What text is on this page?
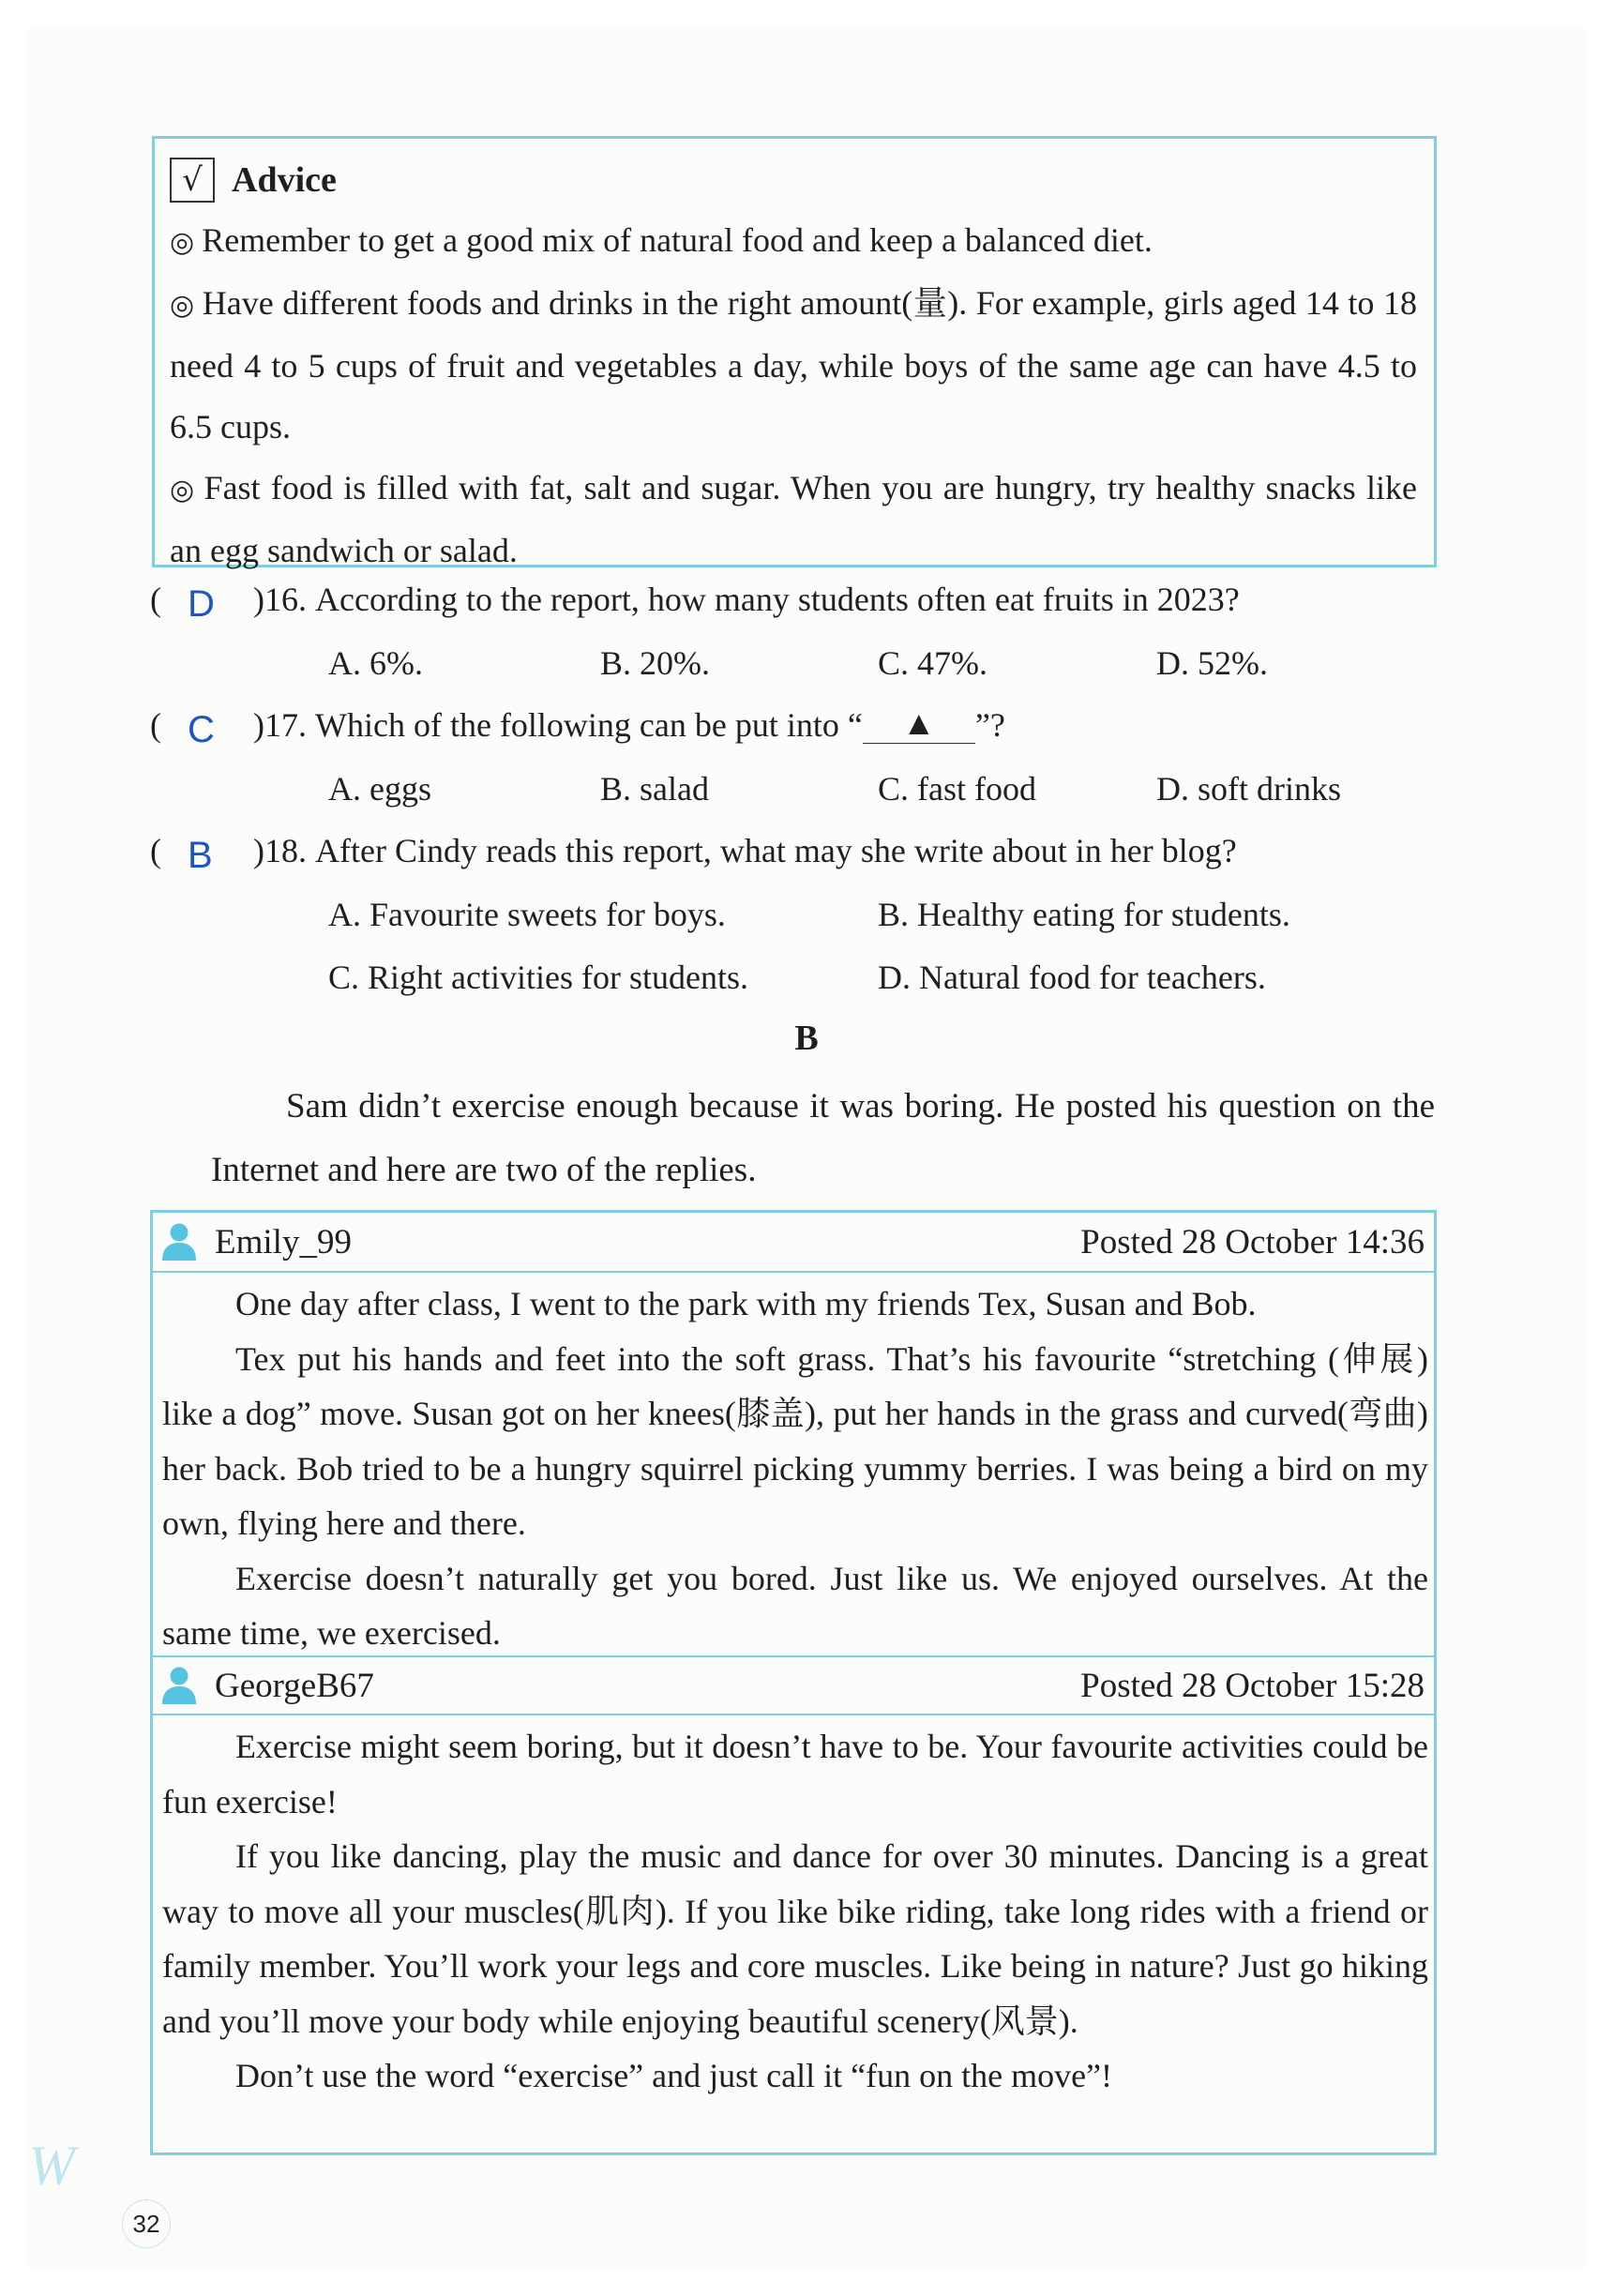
√ Advice

◎ Remember to get a good mix of natural food and keep a balanced diet.

◎ Have different foods and drinks in the right amount(量). For example, girls aged 14 to 18 need 4 to 5 cups of fruit and vegetables a day, while boys of the same age can have 4.5 to 6.5 cups.

◎ Fast food is filled with fat, salt and sugar. When you are hungry, try healthy snacks like an egg sandwich or salad.

( D )16. According to the report, how many students often eat fruits in 2023?
A. 6%.	B. 20%.	C. 47%.	D. 52%.
( C )17. Which of the following can be put into “ ▲ ”?
A. eggs	B. salad	C. fast food	D. soft drinks
( B )18. After Cindy reads this report, what may she write about in her blog?
A. Favourite sweets for boys.	B. Healthy eating for students.
C. Right activities for students.	D. Natural food for teachers.
B
Sam didn’t exercise enough because it was boring. He posted his question on the Internet and here are two of the replies.
Emily_99	Posted 28 October 14:36

One day after class, I went to the park with my friends Tex, Susan and Bob.

Tex put his hands and feet into the soft grass. That’s his favourite “stretching (伸展) like a dog” move. Susan got on her knees(膝盖), put her hands in the grass and curved(弯曲) her back. Bob tried to be a hungry squirrel picking yummy berries. I was being a bird on my own, flying here and there.

Exercise doesn’t naturally get you bored. Just like us. We enjoyed ourselves. At the same time, we exercised.

GeorgeB67	Posted 28 October 15:28

Exercise might seem boring, but it doesn’t have to be. Your favourite activities could be fun exercise!

If you like dancing, play the music and dance for over 30 minutes. Dancing is a great way to move all your muscles(肌肉). If you like bike riding, take long rides with a friend or family member. You’ll work your legs and core muscles. Like being in nature? Just go hiking and you’ll move your body while enjoying beautiful scenery(风景).

Don’t use the word “exercise” and just call it “fun on the move”!

W
32
